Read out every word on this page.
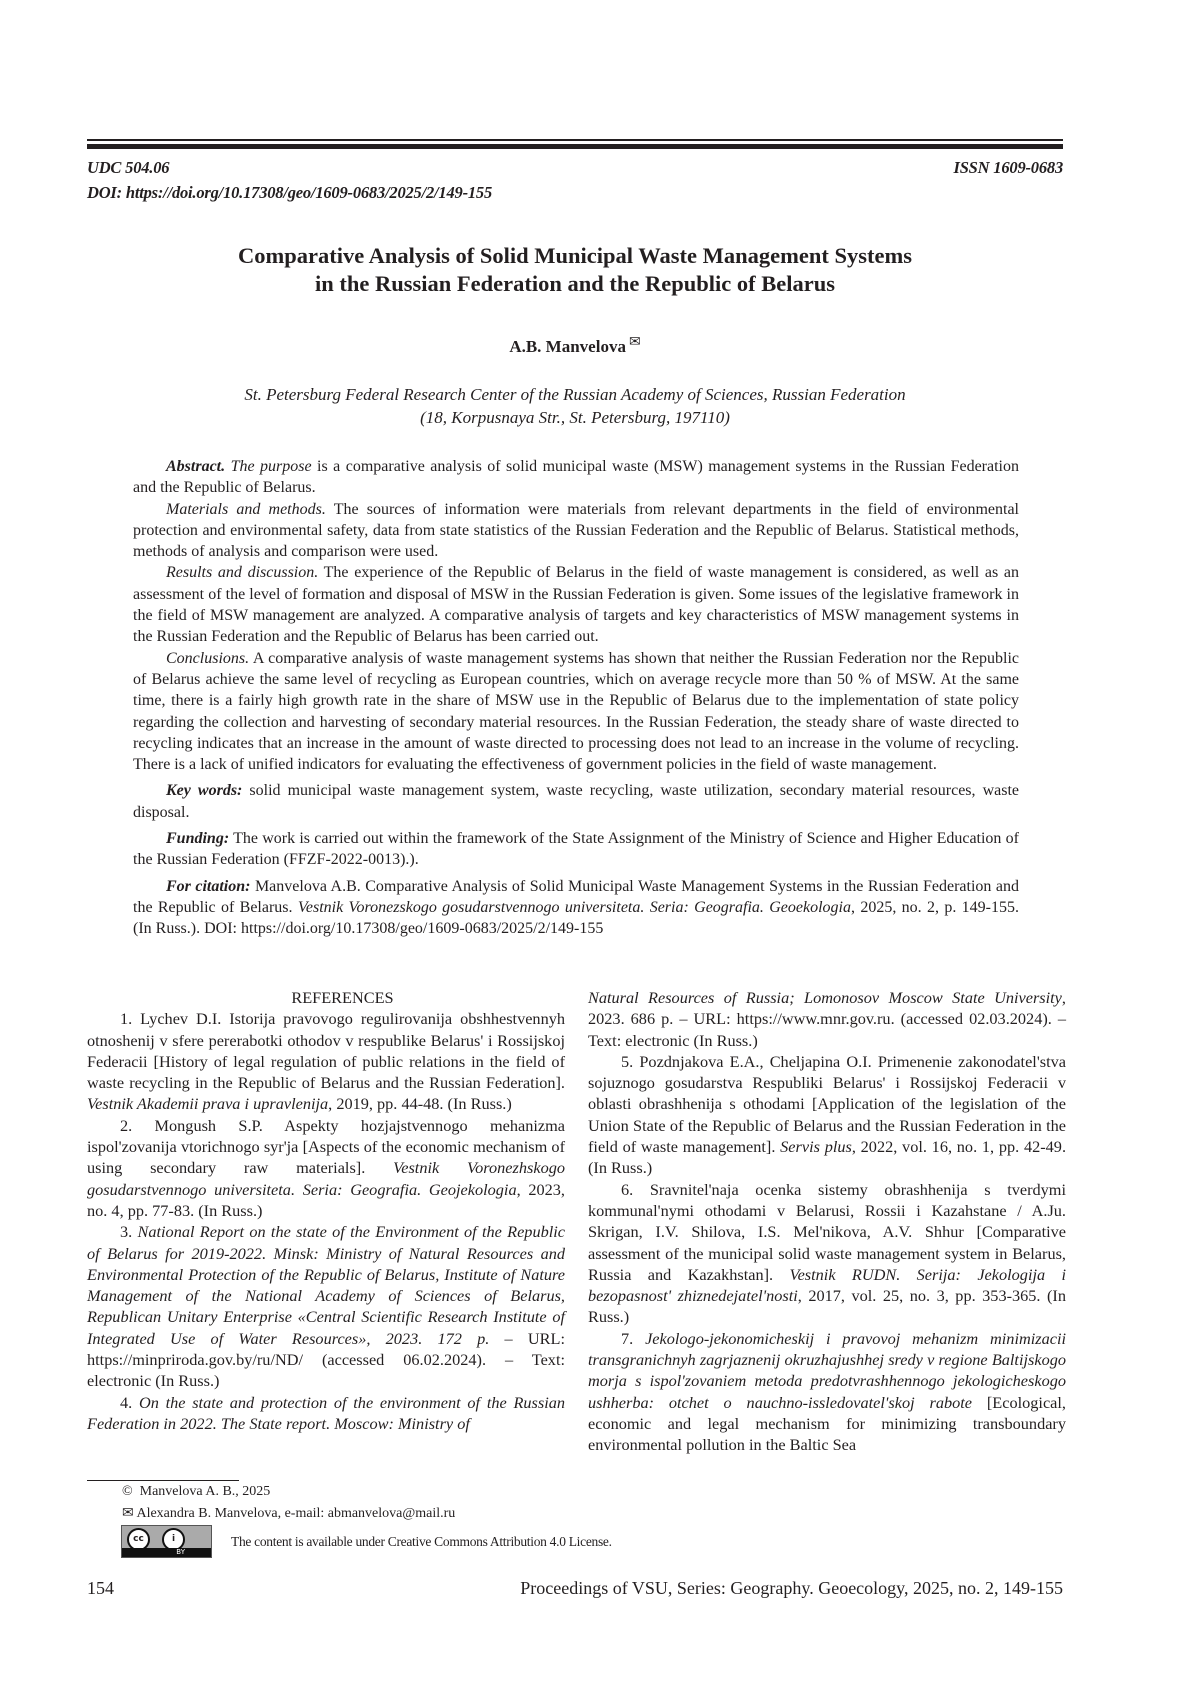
UDC 504.06	ISSN 1609-0683
DOI: https://doi.org/10.17308/geo/1609-0683/2025/2/149-155
Comparative Analysis of Solid Municipal Waste Management Systems
in the Russian Federation and the Republic of Belarus
A.B. Manvelova ✉
St. Petersburg Federal Research Center of the Russian Academy of Sciences, Russian Federation
(18, Korpusnaya Str., St. Petersburg, 197110)

Abstract. The purpose is a comparative analysis of solid municipal waste (MSW) management systems in the Russian Federation and the Republic of Belarus.

Materials and methods. The sources of information were materials from relevant departments in the field of environmental protection and environmental safety, data from state statistics of the Russian Federation and the Republic of Belarus. Statistical methods, methods of analysis and comparison were used.

Results and discussion. The experience of the Republic of Belarus in the field of waste management is considered, as well as an assessment of the level of formation and disposal of MSW in the Russian Federation is given. Some issues of the legislative framework in the field of MSW management are analyzed. A comparative analysis of targets and key characteristics of MSW management systems in the Russian Federation and the Republic of Belarus has been carried out.

Conclusions. A comparative analysis of waste management systems has shown that neither the Russian Federation nor the Republic of Belarus achieve the same level of recycling as European countries, which on average recycle more than 50 % of MSW. At the same time, there is a fairly high growth rate in the share of MSW use in the Republic of Belarus due to the implementation of state policy regarding the collection and harvesting of secondary material resources. In the Russian Federation, the steady share of waste directed to recycling indicates that an increase in the amount of waste directed to processing does not lead to an increase in the volume of recycling. There is a lack of unified indicators for evaluating the effectiveness of government policies in the field of waste management.

Key words: solid municipal waste management system, waste recycling, waste utilization, secondary material resources, waste disposal.

Funding: The work is carried out within the framework of the State Assignment of the Ministry of Science and Higher Education of the Russian Federation (FFZF-2022-0013).).

For citation: Manvelova A.B. Comparative Analysis of Solid Municipal Waste Management Systems in the Russian Federation and the Republic of Belarus. Vestnik Voronezskogo gosudarstvennogo universiteta. Seria: Geografia. Geoekologia, 2025, no. 2, p. 149-155. (In Russ.). DOI: https://doi.org/10.17308/geo/1609-0683/2025/2/149-155

REFERENCES

1. Lychev D.I. Istorija pravovogo regulirovanija obshhestvennyh otnoshenij v sfere pererabotki othodov v respublike Belarus' i Rossijskoj Federacii [History of legal regulation of public relations in the field of waste recycling in the Republic of Belarus and the Russian Federation]. Vestnik Akademii prava i upravlenija, 2019, pp. 44-48. (In Russ.)

2. Mongush S.P. Aspekty hozjajstvennogo mehanizma ispol'zovanija vtorichnogo syr'ja [Aspects of the economic mechanism of using secondary raw materials]. Vestnik Voronezhskogo gosudarstvennogo universiteta. Seria: Geografia. Geojekologia, 2023, no. 4, pp. 77-83. (In Russ.)

3. National Report on the state of the Environment of the Republic of Belarus for 2019-2022. Minsk: Ministry of Natural Resources and Environmental Protection of the Republic of Belarus, Institute of Nature Management of the National Academy of Sciences of Belarus, Republican Unitary Enterprise «Central Scientific Research Institute of Integrated Use of Water Resources», 2023. 172 p. – URL: https://minpriroda.gov.by/ru/ND/ (accessed 06.02.2024). – Text: electronic (In Russ.)

4. On the state and protection of the environment of the Russian Federation in 2022. The State report. Moscow: Ministry of

Natural Resources of Russia; Lomonosov Moscow State University, 2023. 686 p. – URL: https://www.mnr.gov.ru. (accessed 02.03.2024). – Text: electronic (In Russ.)

5. Pozdnjakova E.A., Cheljapina O.I. Primenenie zakonodatel'stva sojuznogo gosudarstva Respubliki Belarus' i Rossijskoj Federacii v oblasti obrashhenija s othodami [Application of the legislation of the Union State of the Republic of Belarus and the Russian Federation in the field of waste management]. Servis plus, 2022, vol. 16, no. 1, pp. 42-49. (In Russ.)

6. Sravnitel'naja ocenka sistemy obrashhenija s tverdymi kommunal'nymi othodami v Belarusi, Rossii i Kazahstane / A.Ju. Skrigan, I.V. Shilova, I.S. Mel'nikova, A.V. Shhur [Comparative assessment of the municipal solid waste management system in Belarus, Russia and Kazakhstan]. Vestnik RUDN. Serija: Jekologija i bezopasnost' zhiznedejatel'nosti, 2017, vol. 25, no. 3, pp. 353-365. (In Russ.)

7. Jekologo-jekonomicheskij i pravovoj mehanizm minimizacii transgranichnyh zagrjaznenij okruzhajushhej sredy v regione Baltijskogo morja s ispol'zovaniem metoda predotvrashhennogo jekologicheskogo ushherba: otchet o nauchno-issledovatel'skoj rabote [Ecological, economic and legal mechanism for minimizing transboundary environmental pollution in the Baltic Sea

© Manvelova A. B., 2025
✉ Alexandra B. Manvelova, e-mail: abmanvelova@mail.ru
cc	i
BY
The content is available under Creative Commons Attribution 4.0 License.
154	Proceedings of VSU, Series: Geography. Geoecology, 2025, no. 2, 149-155
